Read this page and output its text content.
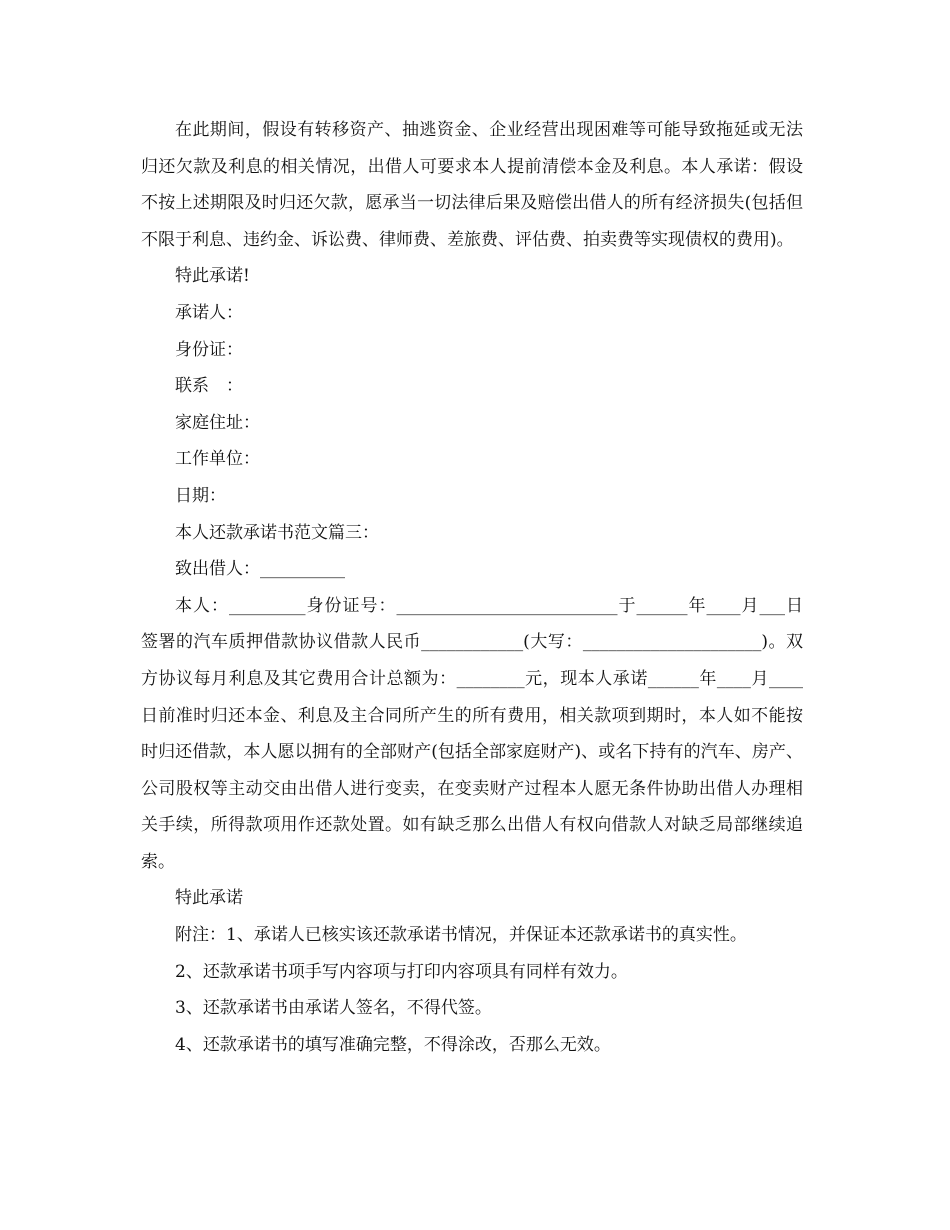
在此期间，假设有转移资产、抽逃资金、企业经营出现困难等可能导致拖延或无法归还欠款及利息的相关情况，出借人可要求本人提前清偿本金及利息。本人承诺：假设不按上述期限及时归还欠款，愿承当一切法律后果及赔偿出借人的所有经济损失(包括但不限于利息、违约金、诉讼费、律师费、差旅费、评估费、拍卖费等实现债权的费用)。

特此承诺!

承诺人：

身份证：

联系　：

家庭住址：

工作单位：

日期：

本人还款承诺书范文篇三：

致出借人：__________

本人：_________身份证号：__________________________于______年____月___日签署的汽车质押借款协议借款人民币____________(大写：_____________________)。双方协议每月利息及其它费用合计总额为：________元，现本人承诺______年____月____日前准时归还本金、利息及主合同所产生的所有费用，相关款项到期时，本人如不能按时归还借款，本人愿以拥有的全部财产(包括全部家庭财产)、或名下持有的汽车、房产、公司股权等主动交由出借人进行变卖，在变卖财产过程本人愿无条件协助出借人办理相关手续，所得款项用作还款处置。如有缺乏那么出借人有权向借款人对缺乏局部继续追索。

特此承诺

附注：1、承诺人已核实该还款承诺书情况，并保证本还款承诺书的真实性。

2、还款承诺书项手写内容项与打印内容项具有同样有效力。

3、还款承诺书由承诺人签名，不得代签。

4、还款承诺书的填写准确完整，不得涂改，否那么无效。
